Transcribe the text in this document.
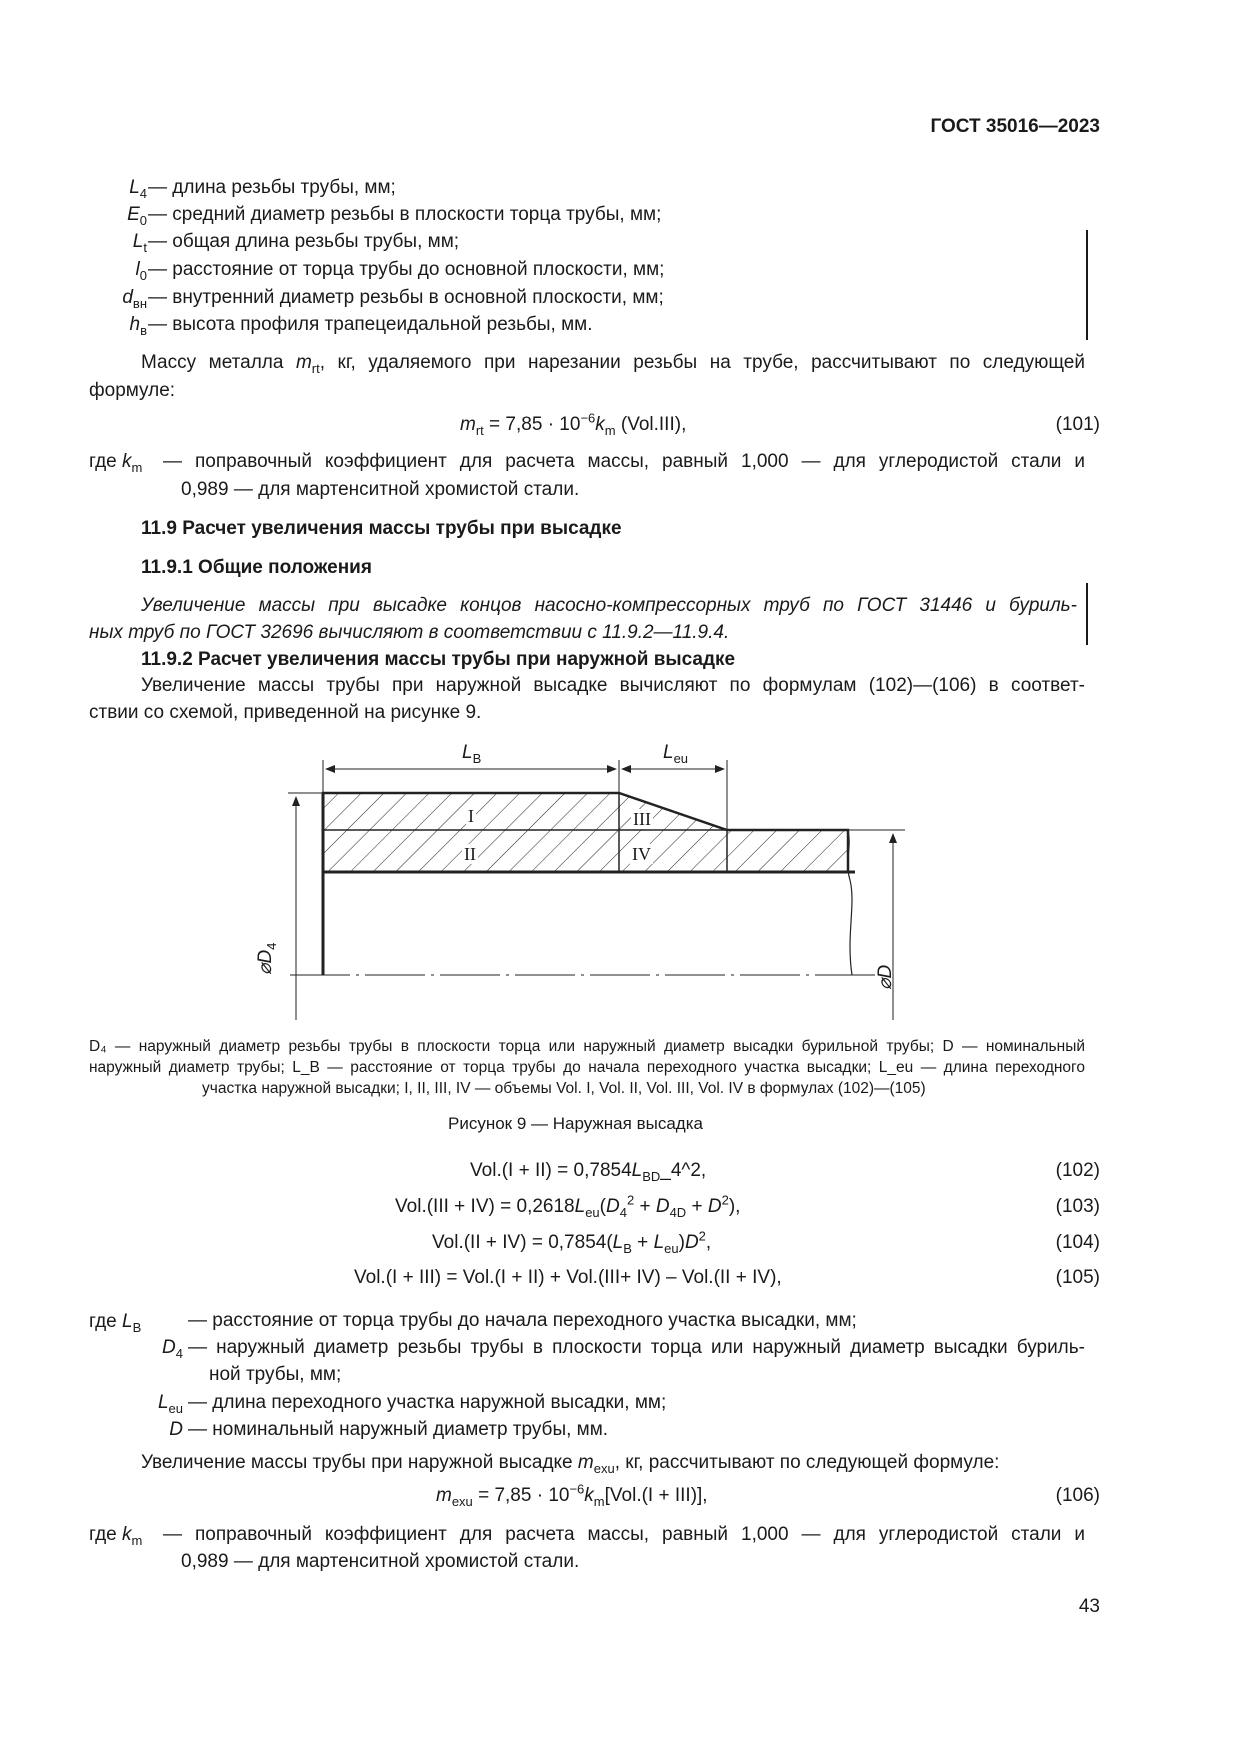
ГОСТ 35016—2023
$L_4$ — длина резьбы трубы, мм;
$E_0$ — средний диаметр резьбы в плоскости торца трубы, мм;
$L_t$ — общая длина резьбы трубы, мм;
$l_0$ — расстояние от торца трубы до основной плоскости, мм;
$d_{вн}$ — внутренний диаметр резьбы в основной плоскости, мм;
$h_в$ — высота профиля трапецеидальной резьбы, мм.
Массу металла $m_{rt}$, кг, удаляемого при нарезании резьбы на трубе, рассчитывают по следующей
формуле:
$m_{rt} = 7,85 \cdot 10^{-6}k_m$ (Vol.III),	(101)
где $k_m$	— поправочный коэффициент для расчета массы, равный 1,000 — для углеродистой стали и
0,989 — для мартенситной хромистой стали.
11.9 Расчет увеличения массы трубы при высадке
11.9.1 Общие положения
Увеличение массы при высадке концов насосно-компрессорных труб по ГОСТ 31446 и буриль-
ных труб по ГОСТ 32696 вычисляют в соответствии с 11.9.2—11.9.4.
11.9.2 Расчет увеличения массы трубы при наружной высадке
Увеличение массы трубы при наружной высадке вычисляют по формулам (102)—(106) в соответ-
ствии со схемой, приведенной на рисунке 9.
$L_В$	$L_{eu}$
I
II
III
IV
$⌀D_4$
⌀D
D₄ — наружный диаметр резьбы трубы в плоскости торца или наружный диаметр высадки бурильной трубы; D — номинальный
наружный диаметр трубы; L_В — расстояние от торца трубы до начала переходного участка высадки; L_eu — длина переходного
участка наружной высадки; I, II, III, IV — объемы Vol. I, Vol. II, Vol. III, Vol. IV в формулах (102)—(105)
Рисунок 9 — Наружная высадка
$Vol.(I + II) = 0,7854L_{ВD}\_4\^{}2$,	(102)
$Vol.(III + IV) = 0,2618L_{eu}(D_4^2 + D_{4D} + D^2)$,	(103)
$Vol.(II + IV) = 0,7854(L_В + L_{eu})D^2$,	(104)
Vol.(I + III) = Vol.(I + II) + Vol.(III+ IV) – Vol.(II + IV),	(105)
где $L_В$ — расстояние от торца трубы до начала переходного участка высадки, мм;
$D_4$ — наружный диаметр резьбы трубы в плоскости торца или наружный диаметр высадки буриль-
ной трубы, мм;
$L_{eu}$ — длина переходного участка наружной высадки, мм;
D — номинальный наружный диаметр трубы, мм.
Увеличение массы трубы при наружной высадке $m_{exu}$, кг, рассчитывают по следующей формуле:
$m_{exu} = 7,85 \cdot 10^{-6}k_m[Vol.(I + III)]$,	(106)
где $k_m$ — поправочный коэффициент для расчета массы, равный 1,000 — для углеродистой стали и
0,989 — для мартенситной хромистой стали.
43
